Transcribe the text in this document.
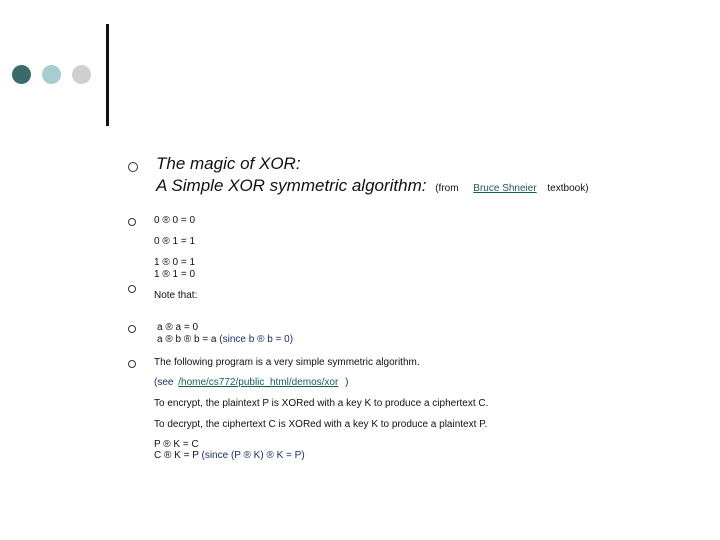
The magic of XOR:
A Simple XOR symmetric algorithm: (from Bruce Shneier textbook)
0 ® 0 = 0
0 ® 1 = 1
1 ® 0 = 1
1 ® 1 = 0
Note that:
a ® a = 0
a ® b ® b = a (since b ® b = 0)
The following program is a very simple symmetric algorithm.
(see /home/cs772/public_html/demos/xor )
To encrypt, the plaintext P is XORed with a key K to produce a ciphertext C.
To decrypt, the ciphertext C is XORed with a key K to produce a plaintext P.
P ® K = C
C ® K = P (since (P ® K) ® K = P)
